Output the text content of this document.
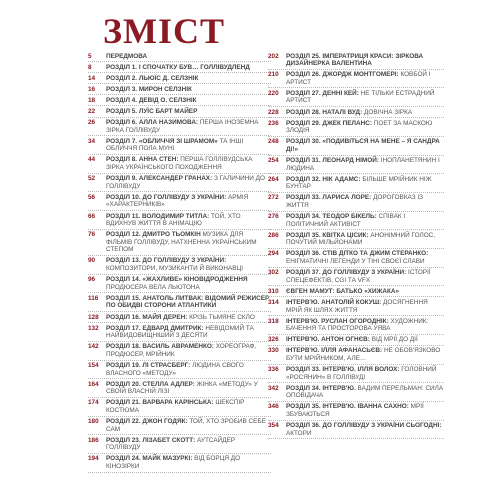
ЗМІСТ
5	ПЕРЕДМОВА
8	РОЗДІЛ 1. І СПОЧАТКУ БУВ… ГОЛЛІВУДЛЕНД
14	РОЗДІЛ 2. ЛЬЮЇС Д. СЕЛЗНІК
16	РОЗДІЛ 3. МИРОН СЕЛЗНІК
18	РОЗДІЛ 4. ДЕВІД О. СЕЛЗНІК
22	РОЗДІЛ 5. ЛУЇС БАРТ МАЙЕР
26	РОЗДІЛ 6. АЛЛА НАЗИМОВА: ПЕРША ІНОЗЕМНА ЗІРКА ГОЛЛІВУДУ
34	РОЗДІЛ 7. «ОБЛИЧЧЯ ЗІ ШРАМОМ» ТА ІНШІ ОБЛИЧЧЯ ПОЛА МУНІ
44	РОЗДІЛ 8. АННА СТЕН: ПЕРША ГОЛЛІВУДСЬКА ЗІРКА УКРАЇНСЬКОГО ПОХОДЖЕННЯ
52	РОЗДІЛ 9. АЛЕКСАНДЕР ГРАНАХ: З ГАЛИЧИНИ ДО ГОЛЛІВУДУ
56	РОЗДІЛ 10. ДО ГОЛЛІВУДУ З УКРАЇНИ: АРМІЯ «ХАРАКТЕРНИКІВ»
66	РОЗДІЛ 11. ВОЛОДИМИР ТИТЛА: ТОЙ, ХТО ВДИХНУВ ЖИТТЯ В АНІМАЦІЮ
76	РОЗДІЛ 12. ДМИТРО ТЬОМКІН МУЗИКА ДЛЯ ФІЛЬМІВ ГОЛЛІВУДУ, НАТХНЕННА УКРАЇНСЬКИМ СТЕПОМ
90	РОЗДІЛ 13. ДО ГОЛЛІВУДУ З УКРАЇНИ: КОМПОЗИТОРИ, МУЗИКАНТИ Й ВИКОНАВЦІ
96	РОЗДІЛ 14. «ЖАХЛИВЕ» КІНОВІДРОДЖЕННЯ ПРОДЮСЕРА ВЕЛА ЛЬЮТОНА
116	РОЗДІЛ 15. АНАТОЛЬ ЛИТВАК: ВІДОМИЙ РЕЖИСЕР ПО ОБИДВІ СТОРОНИ АТЛАНТИКИ
128	РОЗДІЛ 16. МАЙЯ ДЕРЕН: КРІЗЬ ТЬМЯНЕ СКЛО
132	РОЗДІЛ 17. ЕДВАРД ДМИТРИК: НЕВІДОМИЙ ТА НАЙВИДОВИЩНІШИЙ З ДЕСЯТИ
142	РОЗДІЛ 18. ВАСИЛЬ АВРАМЕНКО: ХОРЕОГРАФ, ПРОДЮСЕР, МРІЙНИК
154	РОЗДІЛ 19. ЛІ СТРАСБЕРГ: ЛЮДИНА СВОГО ВЛАСНОГО «МЕТОДУ»
164	РОЗДІЛ 20. СТЕЛЛА АДЛЕР: ЖІНКА «МЕТОДУ» У СВОЇЙ ВЛАСНІЙ ЛІЗІ
174	РОЗДІЛ 21. ВАРВАРА КАРІНСЬКА: ШЕКСПІР КОСТЮМА
180	РОЗДІЛ 22. ДЖОН ГОДЯК: ТОЙ, ХТО ЗРОБИВ СЕБЕ САМ
186	РОЗДІЛ 23. ЛІЗАБЕТ СКОТТ: АУТСАЙДЕР ГОЛЛІВУДУ
194	РОЗДІЛ 24. МАЙК МАЗУРКІ: ВІД БОРЦЯ ДО КІНОЗІРКИ
202	РОЗДІЛ 25. ІМПЕРАТРИЦЯ КРАСИ: ЗІРКОВА ДИЗАЙНЕРКА ВАЛЕНТИНА
210	РОЗДІЛ 26. ДЖОРДЖ МОНТГОМЕРІ: КОВБОЙ І АРТИСТ
220	РОЗДІЛ 27. ДЕННІ КЕЙ: НЕ ТІЛЬКИ ЕСТРАДНИЙ АРТИСТ
228	РОЗДІЛ 28. НАТАЛІ ВУД: ДОВІЧНА ЗІРКА
236	РОЗДІЛ 29. ДЖЕК ПЕЛАНС: ПОЕТ ЗА МАСКОЮ ЗЛОДІЯ
248	РОЗДІЛ 30. «ПОДИВІТЬСЯ НА МЕНЕ – Я САНДРА ДІ!»
254	РОЗДІЛ 31. ЛЕОНАРД НІМОЙ: ІНОПЛАНЕТЯНИН І ЛЮДИНА
264	РОЗДІЛ 32. НІК АДАМС: БІЛЬШЕ МРІЙНИК НІЖ БУНТАР
272	РОЗДІЛ 33. ЛАРИСА ЛОРЕ: ДОРОГОВКАЗ ІЗ ЖИТТЯ
276	РОЗДІЛ 34. ТЕОДОР БІКЕЛЬ: СПІВАК І ПОЛІТИЧНИЙ АКТИВІСТ
286	РОЗДІЛ 35. КВІТКА ЦІСИК: АНОНІМНИЙ ГОЛОС, ПОЧУТИЙ МІЛЬЙОНАМИ
294	РОЗДІЛ 36. СТІВ ДІТКО ТА ДЖИМ СТЕРАНКО: ЕНІГМАТИЧНІ ЛЕГЕНДИ У ТІНІ СВОЄЇ СЛАВИ
302	РОЗДІЛ 37. ДО ГОЛЛІВУДУ З УКРАЇНИ: ІСТОРІЇ СПЕЦЕФЕКТІВ, CGI ТА VFX
310	ЄВГЕН МАМУТ: БАТЬКО «ХИЖАКА»
314	ІНТЕРВ'Ю. АНАТОЛІЙ КОКУШ: ДОСЯГНЕННЯ МРІЙ ЯК ШЛЯХ ЖИТТЯ
318	ІНТЕРВ'Ю. РУСЛАН ОГОРОДНІК: ХУДОЖНИК: БАЧЕННЯ ТА ПРОСТОРОВА УЯВА
326	ІНТЕРВ'Ю. АНТОН ОГНЄВ: ВІД МРІЇ ДО ДІЇ
330	ІНТЕРВ'Ю. ІЛЛЯ АФАНАСЬЄВ: НЕ ОБОВ'ЯЗКОВО БУТИ МРІЙНИКОМ, АЛЕ…
336	РОЗДІЛ 33. ІНТЕРВ'Ю. ІЛЛЯ ВОЛОХ: ГОЛОВНИЙ «РОСЯНИН» В ГОЛЛІВУДІ
342	РОЗДІЛ 34. ІНТЕРВ'Ю. ВАДИМ ПЕРЕЛЬМАН: СИЛА ОПОВІДАЧА
346	РОЗДІЛ 35. ІНТЕРВ'Ю. ІВАННА САХНО: МРІЇ ЗБУВАЮТЬСЯ
354	РОЗДІЛ 36. ДО ГОЛЛІВУДУ З УКРАЇНИ СЬОГОДНІ: АКТОРИ
